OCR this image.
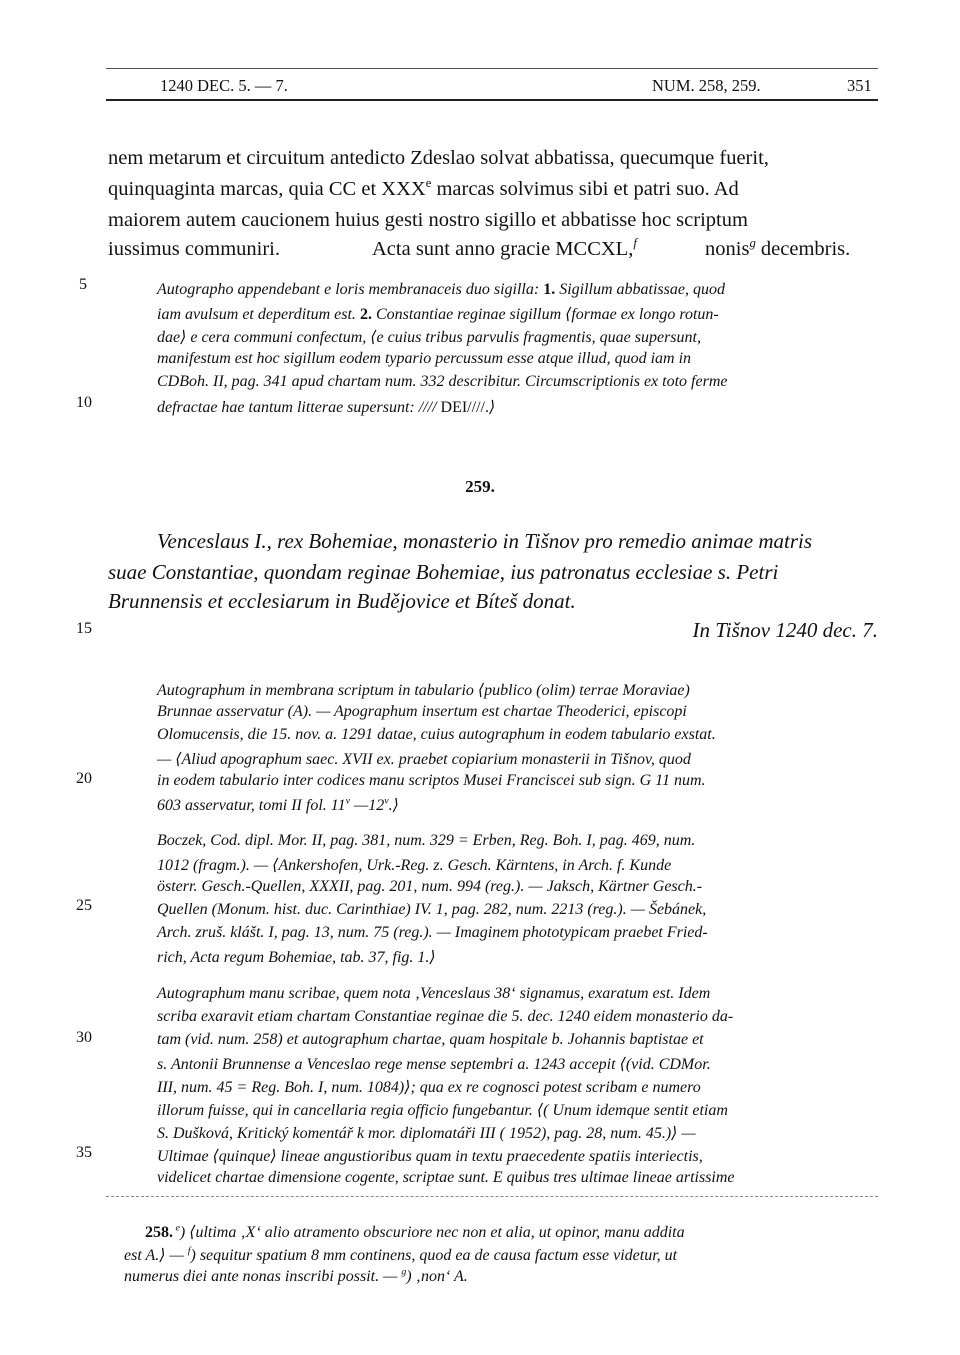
1240 DEC. 5. — 7.	NUM. 258, 259.	351
nem metarum et circuitum antedicto Zdeslao solvat abbatissa, quecumque fuerit,
quinquaginta marcas, quia CC et XXXe marcas solvimus sibi et patri suo. Ad
maiorem autem caucionem huius gesti nostro sigillo et abbatisse hoc scriptum
iussimus communiri.	Acta sunt anno gracie MCCXL,$^f$	nonis$^g$ decembris.
5
10
15
20
25
30
35
Autographo appendebant e loris membranaceis duo sigilla: 1. Sigillum abbatissae, quod
iam avulsum et deperditum est. 2. Constantiae reginae sigillum ⟨formae ex longo rotun-
dae⟩ e cera communi confectum, ⟨e cuius tribus parvulis fragmentis, quae supersunt,
manifestum est hoc sigillum eodem typario percussum esse atque illud, quod iam in
CDBoh. II, pag. 341 apud chartam num. 332 describitur. Circumscriptionis ex toto ferme
defractae hae tantum litterae supersunt: //// DEI////.⟩
259.
Venceslaus I., rex Bohemiae, monasterio in Tišnov pro remedio animae matris
suae Constantiae, quondam reginae Bohemiae, ius patronatus ecclesiae s. Petri
Brunnensis et ecclesiarum in Budějovice et Bíteš donat.
In Tišnov 1240 dec. 7.
Autographum in membrana scriptum in tabulario ⟨publico (olim) terrae Moraviae)
Brunnae asservatur (A). — Apographum insertum est chartae Theoderici, episcopi
Olomucensis, die 15. nov. a. 1291 datae, cuius autographum in eodem tabulario exstat.
— ⟨Aliud apographum saec. XVII ex. praebet copiarium monasterii in Tišnov, quod
in eodem tabulario inter codices manu scriptos Musei Franciscei sub sign. G 11 num.
603 asservatur, tomi II fol. 11$^v$ —12$^v$.⟩
Boczek, Cod. dipl. Mor. II, pag. 381, num. 329 = Erben, Reg. Boh. I, pag. 469, num.
1012 (fragm.). — ⟨Ankershofen, Urk.-Reg. z. Gesch. Kärntens, in Arch. f. Kunde
österr. Gesch.-Quellen, XXXII, pag. 201, num. 994 (reg.). — Jaksch, Kärtner Gesch.-
Quellen (Monum. hist. duc. Carinthiae) IV. 1, pag. 282, num. 2213 (reg.). — Šebánek,
Arch. zruš. klášt. I, pag. 13, num. 75 (reg.). — Imaginem phototypicam praebet Fried-
rich, Acta regum Bohemiae, tab. 37, fig. 1.⟩
Autographum manu scribae, quem nota ‚Venceslaus 38‘ signamus, exaratum est. Idem
scriba exaravit etiam chartam Constantiae reginae die 5. dec. 1240 eidem monasterio da-
tam (vid. num. 258) et autographum chartae, quam hospitale b. Johannis baptistae et
s. Antonii Brunnense a Venceslao rege mense septembri a. 1243 accepit ⟨(vid. CDMor.
III, num. 45 = Reg. Boh. I, num. 1084)⟩; qua ex re cognosci potest scribam e numero
illorum fuisse, qui in cancellaria regia officio fungebantur. ⟨( Unum idemque sentit etiam
S. Dušková, Kritický komentář k mor. diplomatáři III ( 1952), pag. 28, num. 45.)⟩ —
Ultimae ⟨quinque⟩ lineae angustioribus quam in textu praecedente spatiis interiectis,
videlicet chartae dimensione cogente, scriptae sunt. E quibus tres ultimae lineae artissime
258. $^e$) ⟨ultima ‚X‘ alio atramento obscuriore nec non et alia, ut opinor, manu addita
est A.⟩ — $^f$) sequitur spatium 8 mm continens, quod ea de causa factum esse videtur, ut
numerus diei ante nonas inscribi possit. — $^g$) ‚non‘ A.
